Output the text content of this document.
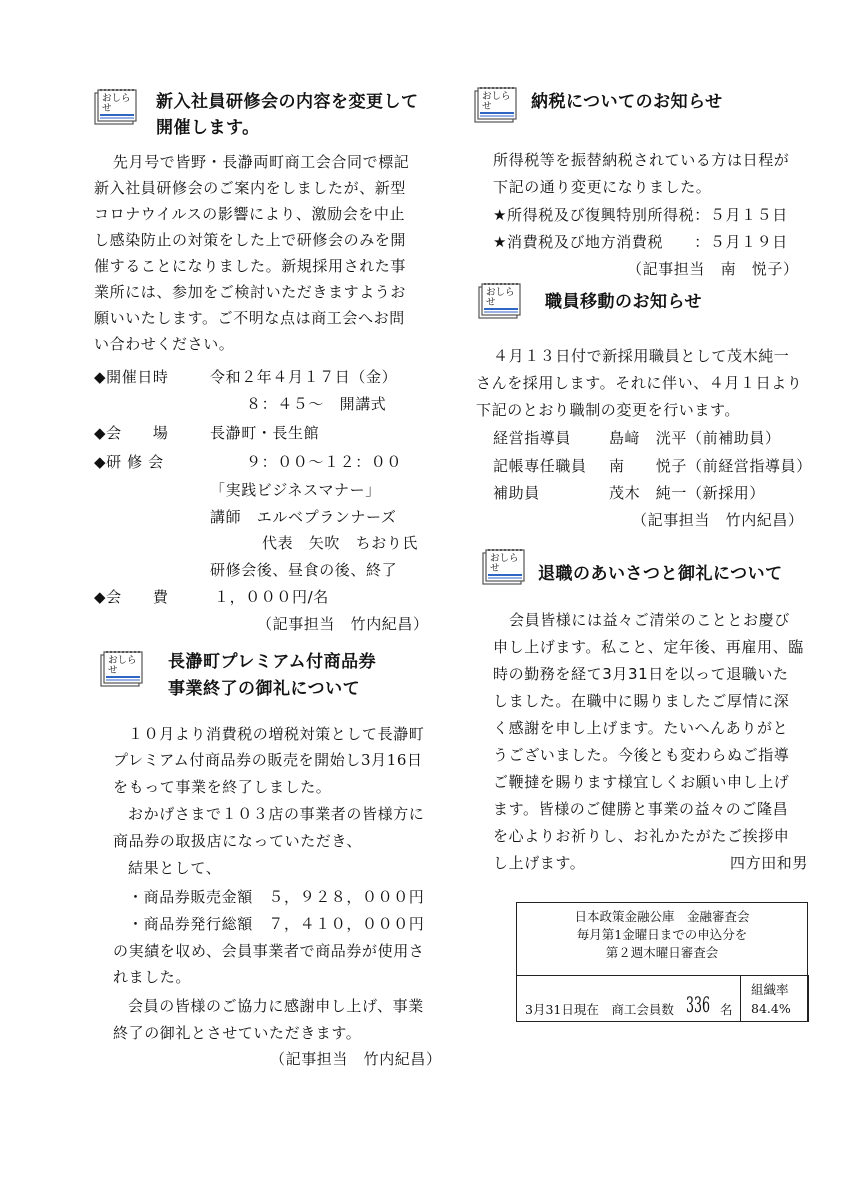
おしらせ	新入社員研修会の内容を変更して
開催します。
先月号で皆野・長瀞両町商工会合同で標記
新入社員研修会のご案内をしましたが、新型
コロナウイルスの影響により、激励会を中止
し感染防止の対策をした上で研修会のみを開
催することになりました。新規採用された事
業所には、参加をご検討いただきますようお
願いいたします。ご不明な点は商工会へお問
い合わせください。
◆開催日時	令和２年４月１７日（金）
８：４５～　開講式
◆会　　場	長瀞町・長生館
◆研 修 会	９：００～１２：００
「実践ビジネスマナー」
講師　エルベプランナーズ
代表　矢吹　ちおり氏
研修会後、昼食の後、終了
◆会　　費	１，０００円/名
（記事担当　竹内紀昌）
おしらせ	長瀞町プレミアム付商品券
事業終了の御礼について
１０月より消費税の増税対策として長瀞町
プレミアム付商品券の販売を開始し3月16日
をもって事業を終了しました。
おかげさまで１０３店の事業者の皆様方に
商品券の取扱店になっていただき、
結果として、
・商品券販売金額　５，９２８，０００円
・商品券発行総額　７，４１０，０００円
の実績を収め、会員事業者で商品券が使用さ
れました。
会員の皆様のご協力に感謝申し上げ、事業
終了の御礼とさせていただきます。
（記事担当　竹内紀昌）
おしらせ	納税についてのお知らせ
所得税等を振替納税されている方は日程が
下記の通り変更になりました。
★所得税及び復興特別所得税：５月１５日
★消費税及び地方消費税　　：５月１９日
（記事担当　南　悦子）
おしらせ	職員移動のお知らせ
４月１３日付で新採用職員として茂木純一
さんを採用します。それに伴い、４月１日より
下記のとおり職制の変更を行います。
経営指導員	島﨑　洸平（前補助員）
記帳専任職員 南　　悦子（前経営指導員）
補助員	茂木　純一（新採用）
（記事担当　竹内紀昌）
おしらせ	退職のあいさつと御礼について
会員皆様には益々ご清栄のこととお慶び
申し上げます。私こと、定年後、再雇用、臨
時の勤務を経て3月31日を以って退職いた
しました。在職中に賜りましたご厚情に深
く感謝を申し上げます。たいへんありがと
うございました。今後とも変わらぬご指導
ご鞭撻を賜ります様宜しくお願い申し上げ
ます。皆様のご健勝と事業の益々のご隆昌
を心よりお祈りし、お礼かたがたご挨拶申
し上げます。	四方田和男
日本政策金融公庫　金融審査会
毎月第1金曜日までの申込分を
第２週木曜日審査会
3月31日現在　商工会員数 336 名
組織率
84.4%
